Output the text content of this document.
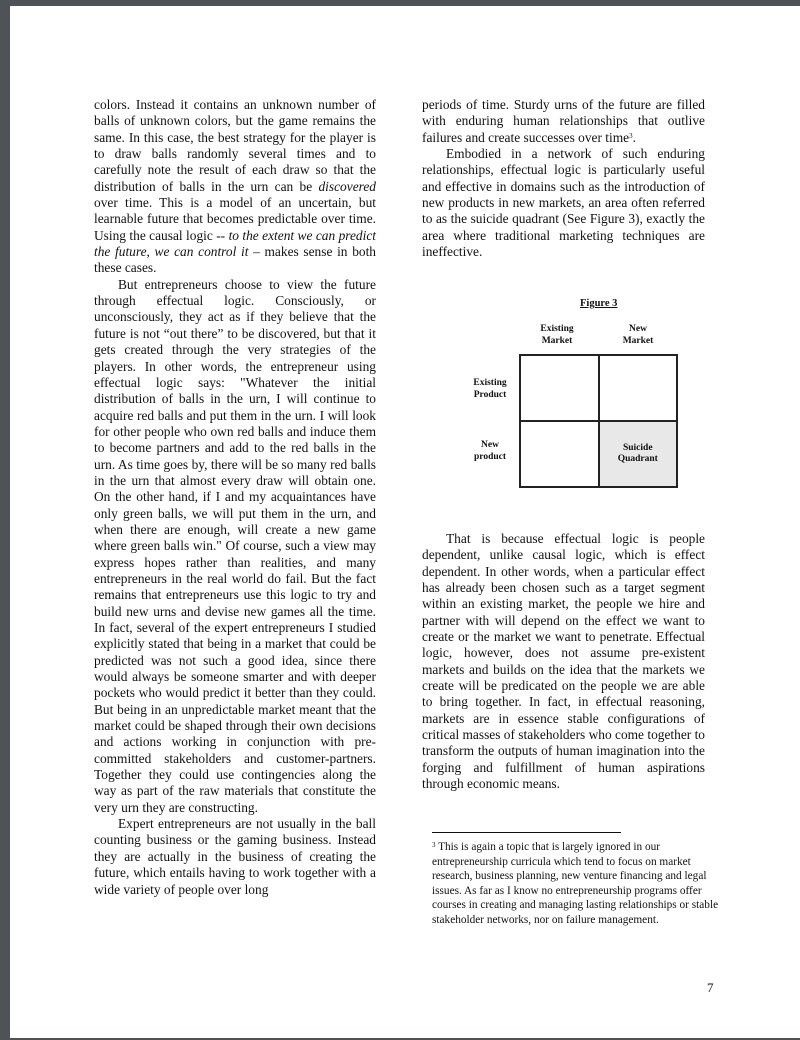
colors. Instead it contains an unknown number of balls of unknown colors, but the game remains the same. In this case, the best strategy for the player is to draw balls randomly several times and to carefully note the result of each draw so that the distribution of balls in the urn can be discovered over time. This is a model of an uncertain, but learnable future that becomes predictable over time. Using the causal logic -- to the extent we can predict the future, we can control it – makes sense in both these cases.

But entrepreneurs choose to view the future through effectual logic. Consciously, or unconsciously, they act as if they believe that the future is not “out there” to be discovered, but that it gets created through the very strategies of the players. In other words, the entrepreneur using effectual logic says: "Whatever the initial distribution of balls in the urn, I will continue to acquire red balls and put them in the urn. I will look for other people who own red balls and induce them to become partners and add to the red balls in the urn. As time goes by, there will be so many red balls in the urn that almost every draw will obtain one. On the other hand, if I and my acquaintances have only green balls, we will put them in the urn, and when there are enough, will create a new game where green balls win." Of course, such a view may express hopes rather than realities, and many entrepreneurs in the real world do fail. But the fact remains that entrepreneurs use this logic to try and build new urns and devise new games all the time. In fact, several of the expert entrepreneurs I studied explicitly stated that being in a market that could be predicted was not such a good idea, since there would always be someone smarter and with deeper pockets who would predict it better than they could. But being in an unpredictable market meant that the market could be shaped through their own decisions and actions working in conjunction with pre-committed stakeholders and customer-partners. Together they could use contingencies along the way as part of the raw materials that constitute the very urn they are constructing.

Expert entrepreneurs are not usually in the ball counting business or the gaming business. Instead they are actually in the business of creating the future, which entails having to work together with a wide variety of people over long

periods of time. Sturdy urns of the future are filled with enduring human relationships that outlive failures and create successes over time$^3$.

Embodied in a network of such enduring relationships, effectual logic is particularly useful and effective in domains such as the introduction of new products in new markets, an area often referred to as the suicide quadrant (See Figure 3), exactly the area where traditional marketing techniques are ineffective.

Figure 3
Existing
Market
New
Market
Existing
Product
New
product
Suicide
Quadrant

That is because effectual logic is people dependent, unlike causal logic, which is effect dependent. In other words, when a particular effect has already been chosen such as a target segment within an existing market, the people we hire and partner with will depend on the effect we want to create or the market we want to penetrate. Effectual logic, however, does not assume pre-existent markets and builds on the idea that the markets we create will be predicated on the people we are able to bring together. In fact, in effectual reasoning, markets are in essence stable configurations of critical masses of stakeholders who come together to transform the outputs of human imagination into the forging and fulfillment of human aspirations through economic means.

$^3$ This is again a topic that is largely ignored in our entrepreneurship curricula which tend to focus on market research, business planning, new venture financing and legal issues. As far as I know no entrepreneurship programs offer courses in creating and managing lasting relationships or stable stakeholder networks, nor on failure management.
7
